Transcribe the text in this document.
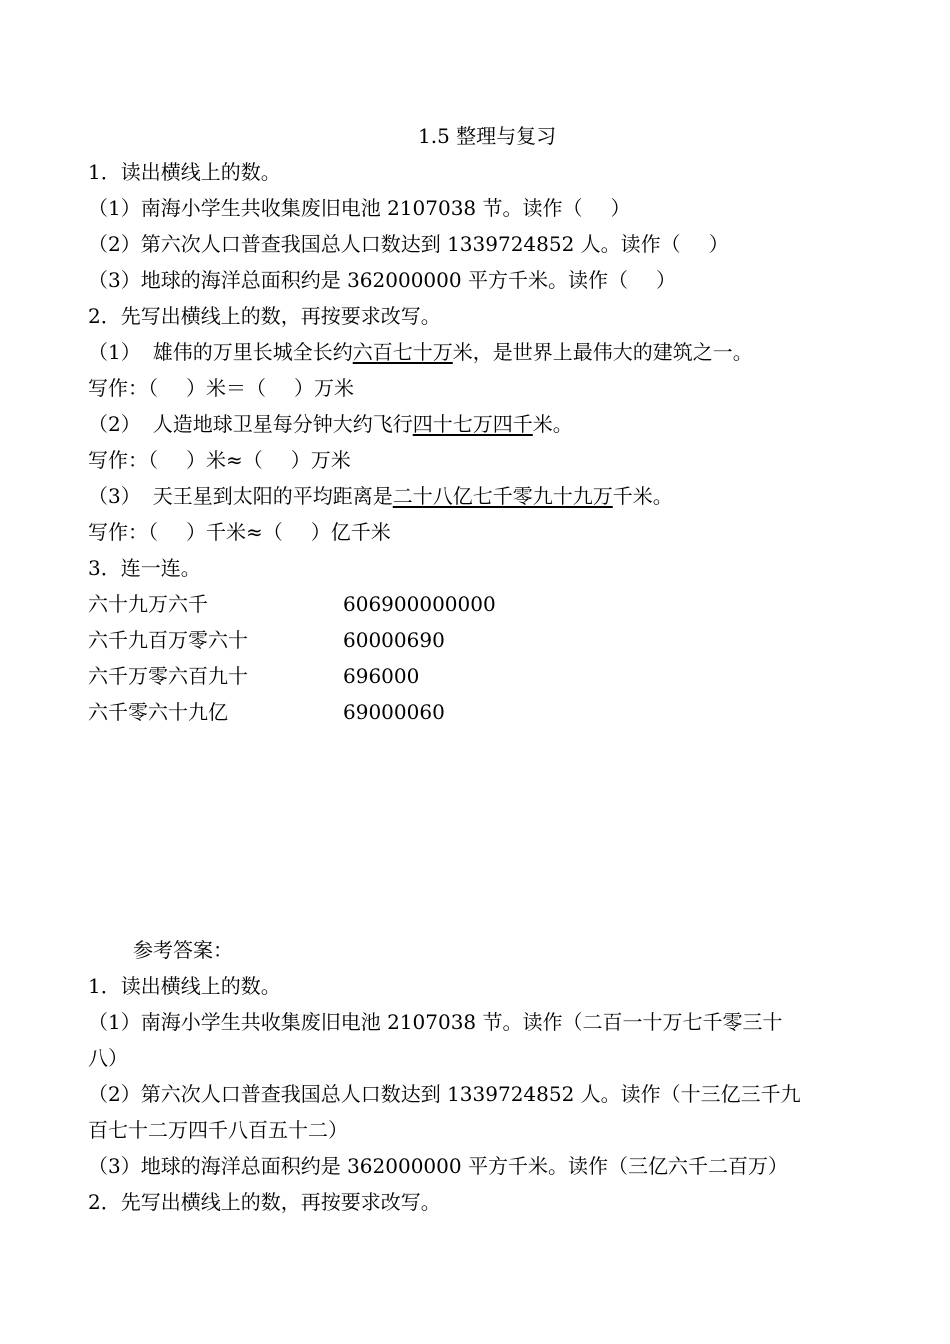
1.5 整理与复习
1．读出横线上的数。
（1）南海小学生共收集废旧电池 2107038 节。读作（ ）
（2）第六次人口普查我国总人口数达到 1339724852 人。读作（ ）
（3）地球的海洋总面积约是 362000000 平方千米。读作（ ）
2．先写出横线上的数，再按要求改写。
（1） 雄伟的万里长城全长约六百七十万米，是世界上最伟大的建筑之一。
写作：（ ）米＝（ ）万米
（2） 人造地球卫星每分钟大约飞行四十七万四千米。
写作：（ ）米≈（ ）万米
（3） 天王星到太阳的平均距离是二十八亿七千零九十九万千米。
写作：（ ）千米≈（ ）亿千米
3．连一连。
六十九万六千	606900000000
六千九百万零六十	60000690
六千万零六百九十	696000
六千零六十九亿	69000060
参考答案：
1．读出横线上的数。
（1）南海小学生共收集废旧电池 2107038 节。读作（二百一十万七千零三十
八）
（2）第六次人口普查我国总人口数达到 1339724852 人。读作（十三亿三千九
百七十二万四千八百五十二）
（3）地球的海洋总面积约是 362000000 平方千米。读作（三亿六千二百万）
2．先写出横线上的数，再按要求改写。
